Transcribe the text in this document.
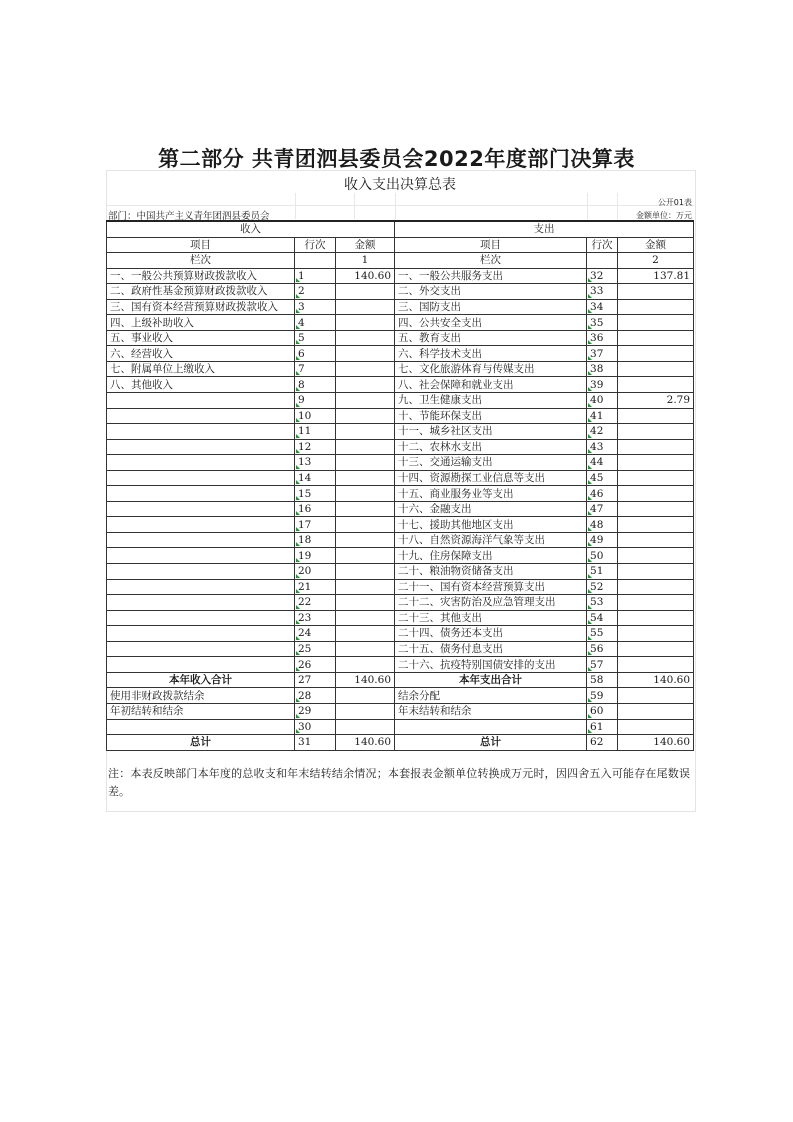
第二部分 共青团泗县委员会2022年度部门决算表
收入支出决算总表
公开01表
金额单位：万元
部门：中国共产主义青年团泗县委员会
收入			支出		
项目	行次	金额	项目	行次	金额
栏次		1	栏次		2
一、一般公共预算财政拨款收入	1	140.60	一、一般公共服务支出	32	137.81
二、政府性基金预算财政拨款收入	2		二、外交支出	33	
三、国有资本经营预算财政拨款收入	3		三、国防支出	34	
四、上级补助收入	4		四、公共安全支出	35	
五、事业收入	5		五、教育支出	36	
六、经营收入	6		六、科学技术支出	37	
七、附属单位上缴收入	7		七、文化旅游体育与传媒支出	38	
八、其他收入	8		八、社会保障和就业支出	39	
	9		九、卫生健康支出	40	2.79
	10		十、节能环保支出	41	
	11		十一、城乡社区支出	42	
	12		十二、农林水支出	43	
	13		十三、交通运输支出	44	
	14		十四、资源勘探工业信息等支出	45	
	15		十五、商业服务业等支出	46	
	16		十六、金融支出	47	
	17		十七、援助其他地区支出	48	
	18		十八、自然资源海洋气象等支出	49	
	19		十九、住房保障支出	50	
	20		二十、粮油物资储备支出	51	
	21		二十一、国有资本经营预算支出	52	
	22		二十二、灾害防治及应急管理支出	53	
	23		二十三、其他支出	54	
	24		二十四、债务还本支出	55	
	25		二十五、债务付息支出	56	
	26		二十六、抗疫特别国债安排的支出	57	
本年收入合计	27	140.60	本年支出合计	58	140.60
使用非财政拨款结余	28		结余分配	59	
年初结转和结余	29		年末结转和结余	60	
	30			61	
总计	31	140.60	总计	62	140.60
注：本表反映部门本年度的总收支和年末结转结余情况；本套报表金额单位转换成万元时，因四舍五入可能存在尾数误差。
